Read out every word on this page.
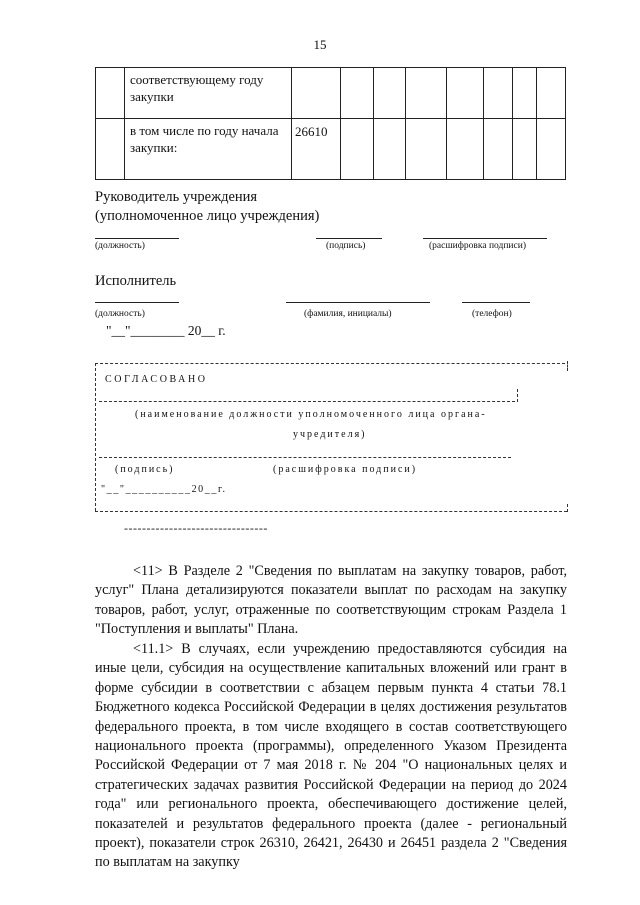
15
	соответствующему году закупки								
	в том числе по году начала закупки:	26610							
Руководитель учреждения
(уполномоченное лицо учреждения)
(должность)	(подпись)	(расшифровка подписи)
Исполнитель
(должность)	(фамилия, инициалы)	(телефон)
"__"________ 20__ г.
СОГЛАСОВАНО
(наименование должности уполномоченного лица органа-
учредителя)
(подпись)	(расшифровка подписи)
"__"__________20__г.
--------------------------------
<11> В Разделе 2 "Сведения по выплатам на закупку товаров, работ, услуг" Плана детализируются показатели выплат по расходам на закупку товаров, работ, услуг, отраженные по соответствующим строкам Раздела 1 "Поступления и выплаты" Плана.
<11.1> В случаях, если учреждению предоставляются субсидия на иные цели, субсидия на осуществление капитальных вложений или грант в форме субсидии в соответствии с абзацем первым пункта 4 статьи 78.1 Бюджетного кодекса Российской Федерации в целях достижения результатов федерального проекта, в том числе входящего в состав соответствующего национального проекта (программы), определенного Указом Президента Российской Федерации от 7 мая 2018 г. № 204 "О национальных целях и стратегических задачах развития Российской Федерации на период до 2024 года" или регионального проекта, обеспечивающего достижение целей, показателей и результатов федерального проекта (далее - региональный проект), показатели строк 26310, 26421, 26430 и 26451 раздела 2 "Сведения по выплатам на закупку
